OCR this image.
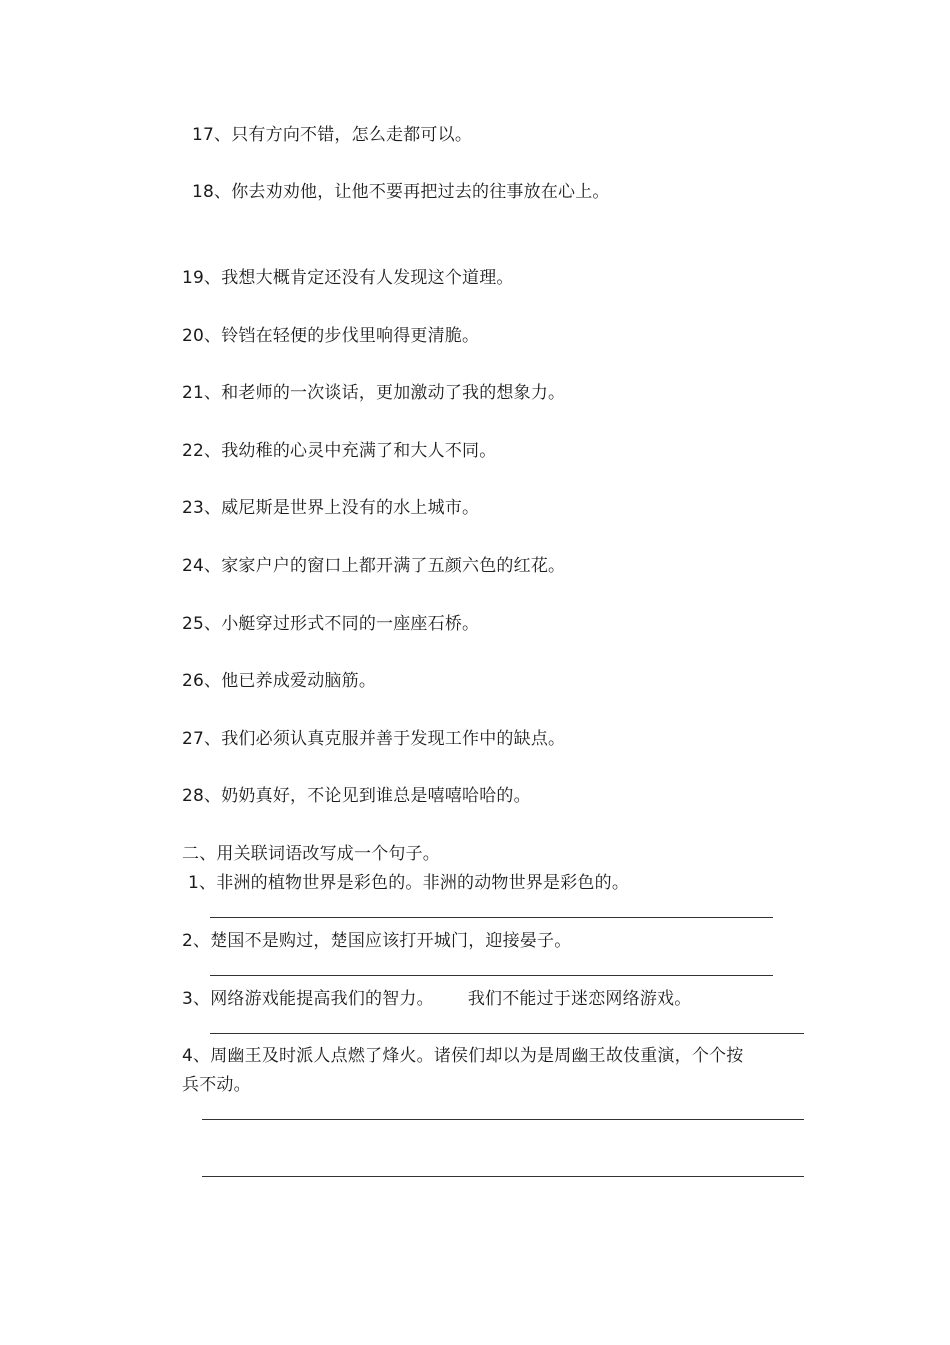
17、只有方向不错，怎么走都可以。
18、你去劝劝他，让他不要再把过去的往事放在心上。
19、我想大概肯定还没有人发现这个道理。
20、铃铛在轻便的步伐里响得更清脆。
21、和老师的一次谈话，更加激动了我的想象力。
22、我幼稚的心灵中充满了和大人不同。
23、威尼斯是世界上没有的水上城市。
24、家家户户的窗口上都开满了五颜六色的红花。
25、小艇穿过形式不同的一座座石桥。
26、他已养成爱动脑筋。
27、我们必须认真克服并善于发现工作中的缺点。
28、奶奶真好，不论见到谁总是嘻嘻哈哈的。
二、用关联词语改写成一个句子。
1、非洲的植物世界是彩色的。非洲的动物世界是彩色的。
2、楚国不是购过，楚国应该打开城门，迎接晏子。
3、网络游戏能提高我们的智力。 我们不能过于迷恋网络游戏。
4、周幽王及时派人点燃了烽火。诸侯们却以为是周幽王故伎重演，个个按
兵不动。
